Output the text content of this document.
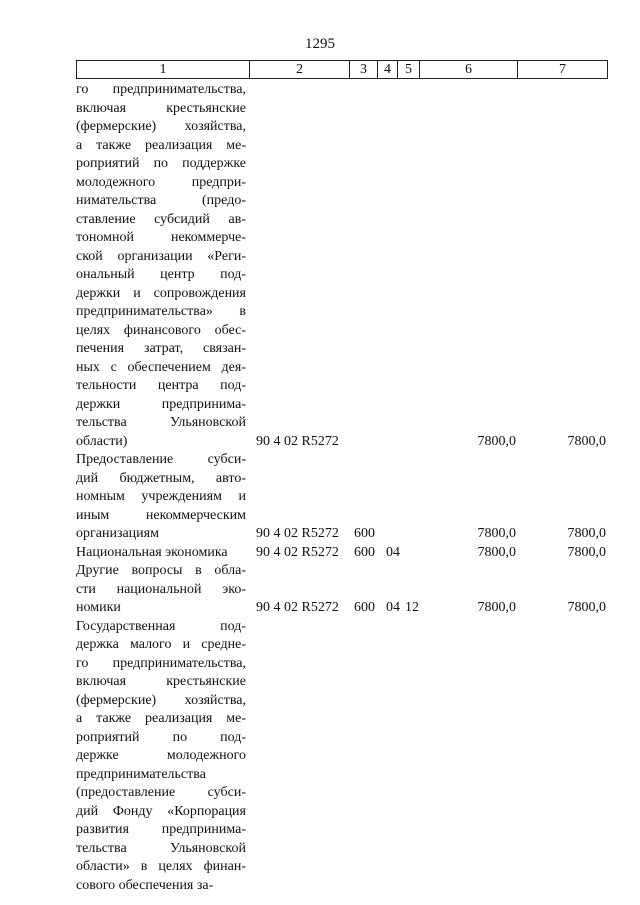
1295
1	2	3	4	5	6	7
го предпринимательства,
включая крестьянские
(фермерские) хозяйства,
а также реализация ме-
роприятий по поддержке
молодежного предпри-
нимательства (предо-
ставление субсидий ав-
тономной некоммерче-
ской организации «Реги-
ональный центр под-
держки и сопровождения
предпринимательства» в
целях финансового обес-
печения затрат, связан-
ных с обеспечением дея-
тельности центра под-
держки предпринима-
тельства Ульяновской
области)	90 4 02 R5272	7800,0	7800,0
Предоставление субси-
дий бюджетным, авто-
номным учреждениям и
иным некоммерческим
организациям	90 4 02 R5272 600	7800,0	7800,0
Национальная экономика	90 4 02 R5272 600 04	7800,0	7800,0
Другие вопросы в обла-
сти национальной эко-
номики	90 4 02 R5272 600 04 12	7800,0	7800,0
Государственная под-
держка малого и средне-
го предпринимательства,
включая крестьянские
(фермерские) хозяйства,
а также реализация ме-
роприятий по под-
держке молодежного
предпринимательства
(предоставление субси-
дий Фонду «Корпорация
развития предпринима-
тельства Ульяновской
области» в целях финан-
сового обеспечения за-
